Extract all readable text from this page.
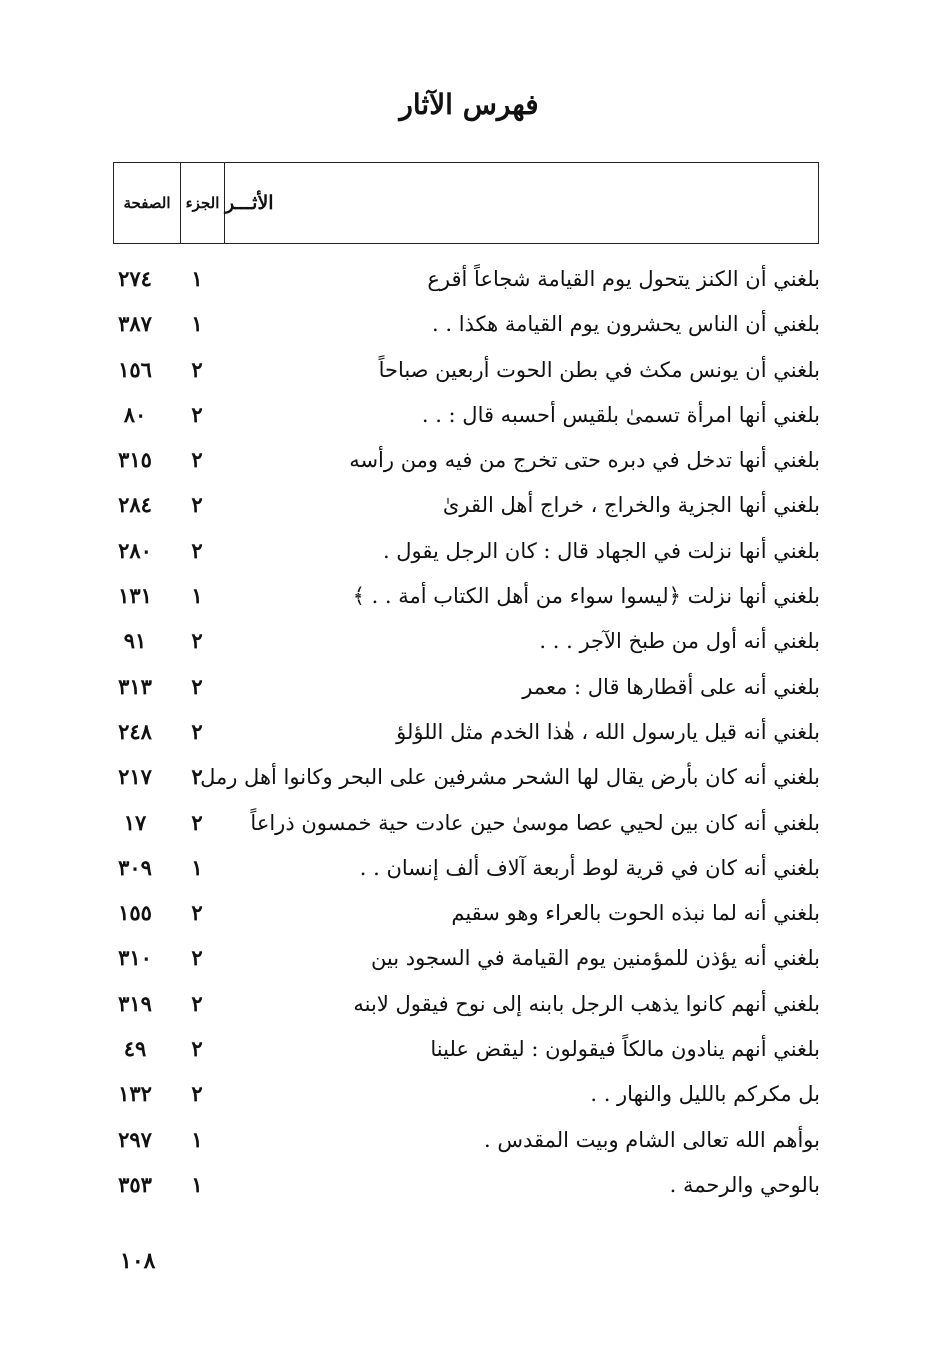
فهرس الآثار
الصفحة	الجزء الأثـــر
بلغني أن الكنز يتحول يوم القيامة شجاعاً أقرع
١
٢٧٤
بلغني أن الناس يحشرون يوم القيامة هكذا . .
١
٣٨٧
بلغني أن يونس مكث في بطن الحوت أربعين صباحاً
٢
١٥٦
بلغني أنها امرأة تسمىٰ بلقيس أحسبه قال : . .
٢
٨٠
بلغني أنها تدخل في دبره حتى تخرج من فيه ومن رأسه
٢
٣١٥
بلغني أنها الجزية والخراج ، خراج أهل القرىٰ
٢
٢٨٤
بلغني أنها نزلت في الجهاد قال : كان الرجل يقول .
٢
٢٨٠
بلغني أنها نزلت ﴿ليسوا سواء من أهل الكتاب أمة . . ﴾
١
١٣١
بلغني أنه أول من طبخ الآجر . . .
٢
٩١
بلغني أنه على أقطارها قال : معمر
٢
٣١٣
بلغني أنه قيل يارسول الله ، هٰذا الخدم مثل اللؤلؤ
٢
٢٤٨
بلغني أنه كان بأرض يقال لها الشحر مشرفين على البحر وكانوا أهل رمل
٢
٢١٧
بلغني أنه كان بين لحيي عصا موسىٰ حين عادت حية خمسون ذراعاً
٢
١٧
بلغني أنه كان في قرية لوط أربعة آلاف ألف إنسان . .
١
٣٠٩
بلغني أنه لما نبذه الحوت بالعراء وهو سقيم
٢
١٥٥
بلغني أنه يؤذن للمؤمنين يوم القيامة في السجود بين
٢
٣١٠
بلغني أنهم كانوا يذهب الرجل بابنه إلى نوح فيقول لابنه
٢
٣١٩
بلغني أنهم ينادون مالكاً فيقولون : ليقض علينا
٢
٤٩
بل مكركم بالليل والنهار . .
٢
١٣٢
بوأهم الله تعالى الشام وبيت المقدس .
١
٢٩٧
بالوحي والرحمة .
١
٣٥٣
١٠٨
